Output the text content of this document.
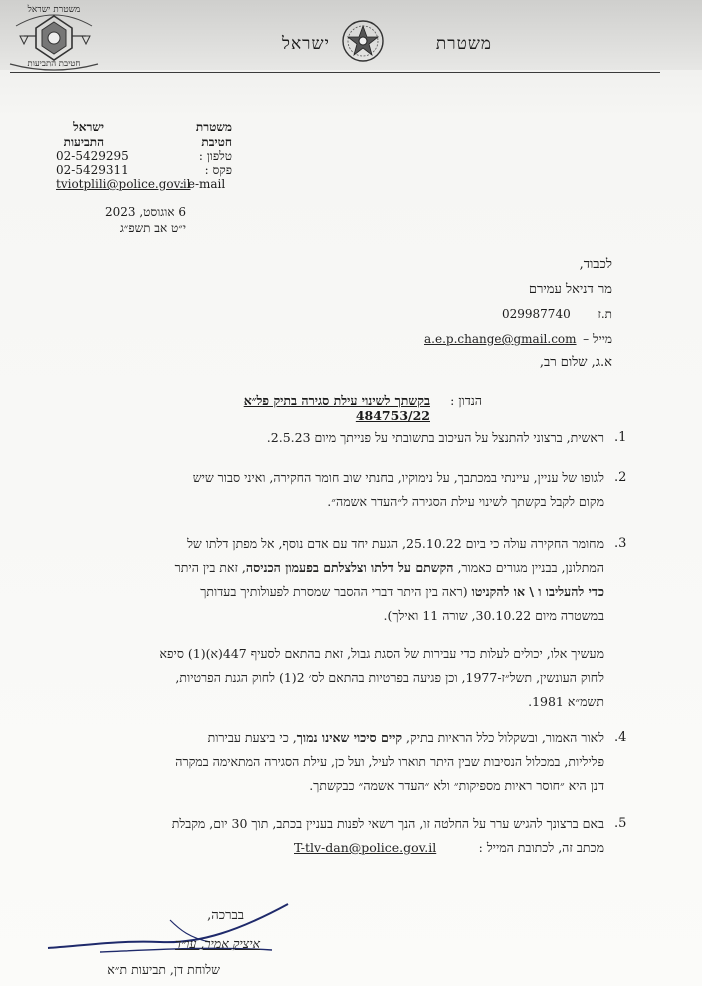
משטרת ישראל
חטיבת התביעות
משטרת
ישראל
משטרת
חטיבת
טלפון :
פקס :
: e-mail
ישראל
התביעות
02-5429295
02-5429311
tviotplili@police.gov.il
6 אוגוסט, 2023
י״ט אב תשפ״ג
לכבוד,
מר דניאל עמירם
ת.ז
029987740
מייל –
a.e.p.change@gmail.com
א.ג, שלום רב,
הנדון :
בקשתך לשינוי עילת סגירה בתיק פל״א 484753/22
.1
ראשית, ברצוני להתנצל על העיכוב בתשובתי על פנייתך מיום 2.5.23.
.2
לגופו של עניין, עיינתי במכתבך, על נימוקיו, בחנתי שוב חומר החקירה, ואיני סבור שיש
מקום לקבל בקשתך לשינוי עילת הסגירה ל״העדר אשמה״.
.3
מחומר החקירה עולה כי ביום 25.10.22, הגעת יחד עם אדם נוסף, אל מפתן דלתו של
המתלונן, בבניין מגורים כאמור, הקשתם על דלתו וצלצלתם בפעמון הכניסה, זאת בין היתר
כדי להעליבו ו \ או להקניטו (ראה בין היתר דברי ההסבר שמסרת לפעולותיך בעדותך
במשטרה מיום 30.10.22, שורה 11 ואילך).
מעשיך אלו, יכולים לעלות כדי עבירות של הסגת גבול, זאת בהתאם לסעיף 447(א)(1) סיפא
לחוק העונשין, תשל״ז-1977, וכן פגיעה בפרטיות בהתאם לס׳ 2(1) לחוק הגנת הפרטיות,
תשמ״א 1981.
.4
לאור האמור, ובשקלול כלל הראיות בתיק, קיים סיכוי שאינו נמוך, כי ביצעת עבירות
פליליות, במכלול הנסיבות שבין היתר תוארו לעיל, ועל כן, עילת הסגירה המתאימה במקרה
דנן היא ״חוסר ראיות מספיקות״ ולא ״העדר אשמה״ כבקשתך.
.5
באם ברצונך להגיש ערר על החלטה זו, הנך רשאי לפנות בעניין בכתב, תוך 30 יום, מקבלת
מכתב זה, לכתובת המייל :
T-tlv-dan@police.gov.il
בברכה,
איציק אמיר, עו״ד
שלוחת דן, תביעות ת״א
